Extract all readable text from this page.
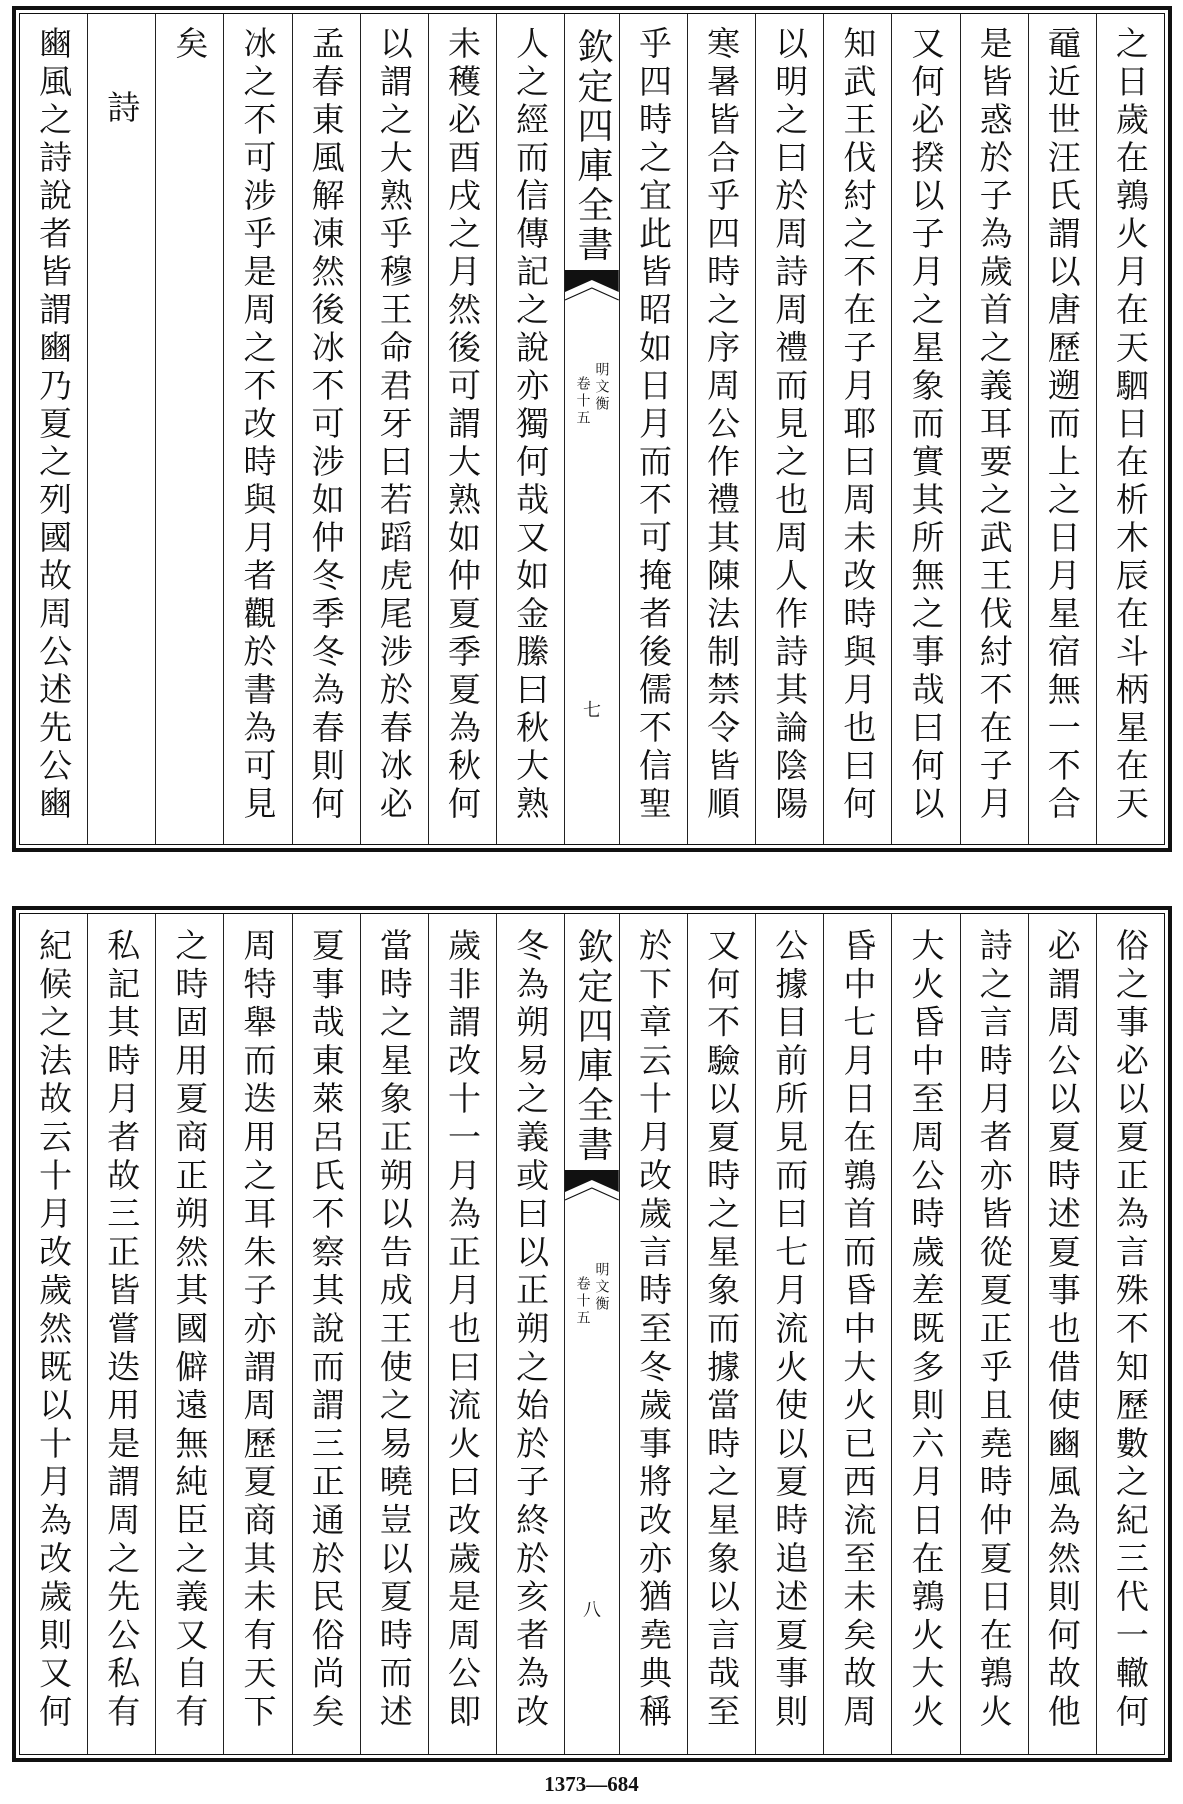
之日歲在鶉火月在天駟日在析木辰在斗柄星在天
黿近世汪氏謂以唐歷遡而上之日月星宿無一不合
是皆惑於子為歲首之義耳要之武王伐紂不在子月
又何必揆以子月之星象而實其所無之事哉曰何以
知武王伐紂之不在子月耶曰周未改時與月也曰何
以明之曰於周詩周禮而見之也周人作詩其論陰陽
寒暑皆合乎四時之序周公作禮其陳法制禁令皆順
乎四時之宜此皆昭如日月而不可掩者後儒不信聖
欽定四庫全書
明文衡
卷十五
七
人之經而信傳記之說亦獨何哉又如金縢曰秋大熟
未穫必酉戌之月然後可謂大熟如仲夏季夏為秋何
以謂之大熟乎穆王命君牙曰若蹈虎尾涉於春冰必
孟春東風解凍然後冰不可涉如仲冬季冬為春則何
冰之不可涉乎是周之不改時與月者觀於書為可見
矣
詩
豳風之詩說者皆謂豳乃夏之列國故周公述先公豳
俗之事必以夏正為言殊不知歷數之紀三代一轍何
必謂周公以夏時述夏事也借使豳風為然則何故他
詩之言時月者亦皆從夏正乎且堯時仲夏日在鶉火
大火昏中至周公時歲差既多則六月日在鶉火大火
昏中七月日在鶉首而昏中大火已西流至未矣故周
公據目前所見而曰七月流火使以夏時追述夏事則
又何不驗以夏時之星象而據當時之星象以言哉至
於下章云十月改歲言時至冬歲事將改亦猶堯典稱
欽定四庫全書
明文衡
卷十五
八
冬為朔易之義或曰以正朔之始於子終於亥者為改
歲非謂改十一月為正月也曰流火曰改歲是周公即
當時之星象正朔以告成王使之易曉豈以夏時而述
夏事哉東萊呂氏不察其說而謂三正通於民俗尚矣
周特舉而迭用之耳朱子亦謂周歷夏商其未有天下
之時固用夏商正朔然其國僻遠無純臣之義又自有
私記其時月者故三正皆嘗迭用是謂周之先公私有
紀候之法故云十月改歲然既以十月為改歲則又何
1373—684
